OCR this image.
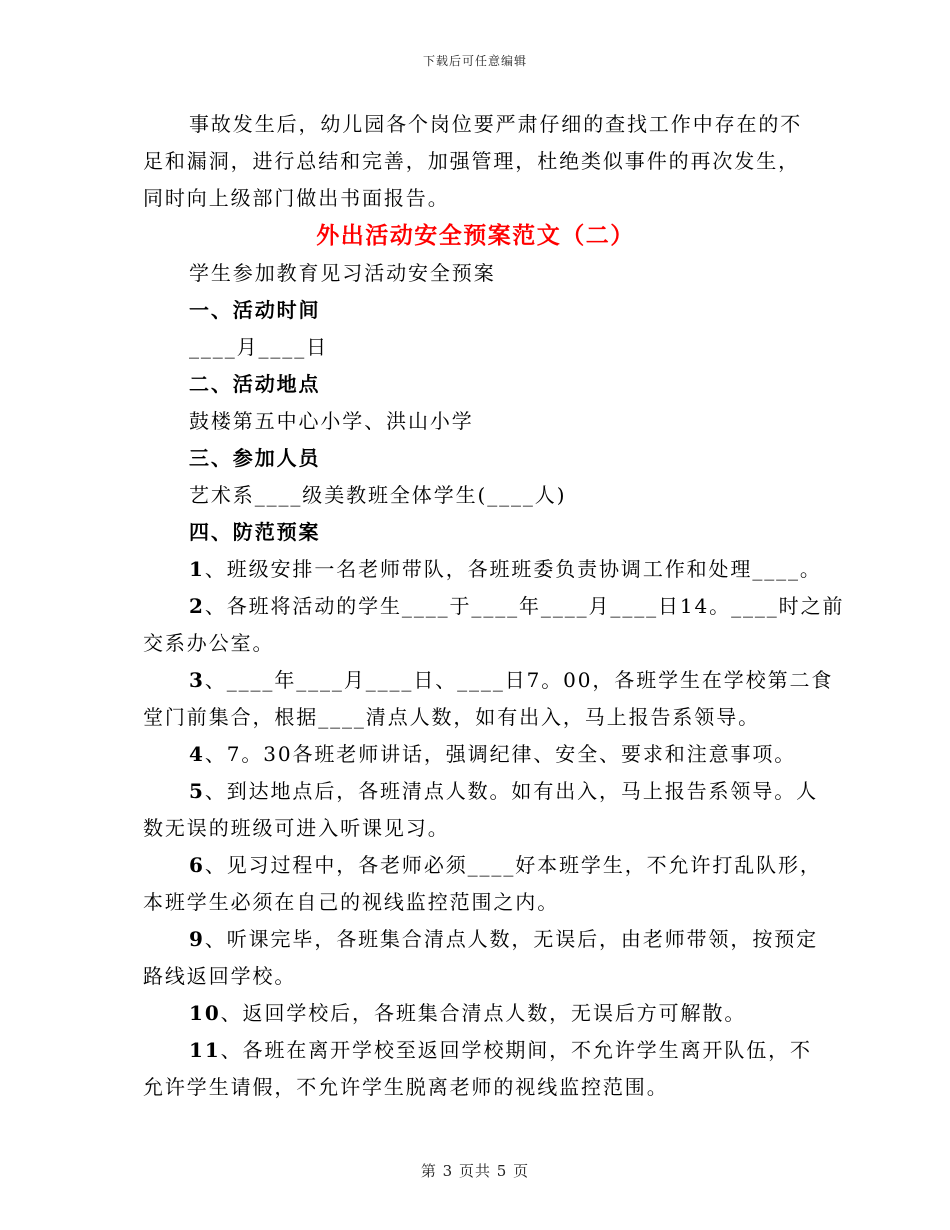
下载后可任意编辑

事故发生后，幼儿园各个岗位要严肃仔细的查找工作中存在的不

足和漏洞，进行总结和完善，加强管理，杜绝类似事件的再次发生，

同时向上级部门做出书面报告。

外出活动安全预案范文（二）

学生参加教育见习活动安全预案

一、活动时间

____月____日

二、活动地点

鼓楼第五中心小学、洪山小学

三、参加人员

艺术系____级美教班全体学生(____人)

四、防范预案

1、班级安排一名老师带队，各班班委负责协调工作和处理____。

2、各班将活动的学生____于____年____月____日14。____时之前

交系办公室。

3、____年____月____日、____日7。00，各班学生在学校第二食

堂门前集合，根据____清点人数，如有出入，马上报告系领导。

4、7。30各班老师讲话，强调纪律、安全、要求和注意事项。

5、到达地点后，各班清点人数。如有出入，马上报告系领导。人

数无误的班级可进入听课见习。

6、见习过程中，各老师必须____好本班学生，不允许打乱队形，

本班学生必须在自己的视线监控范围之内。

9、听课完毕，各班集合清点人数，无误后，由老师带领，按预定

路线返回学校。

10、返回学校后，各班集合清点人数，无误后方可解散。

11、各班在离开学校至返回学校期间，不允许学生离开队伍，不

允许学生请假，不允许学生脱离老师的视线监控范围。

第 3 页共 5 页
